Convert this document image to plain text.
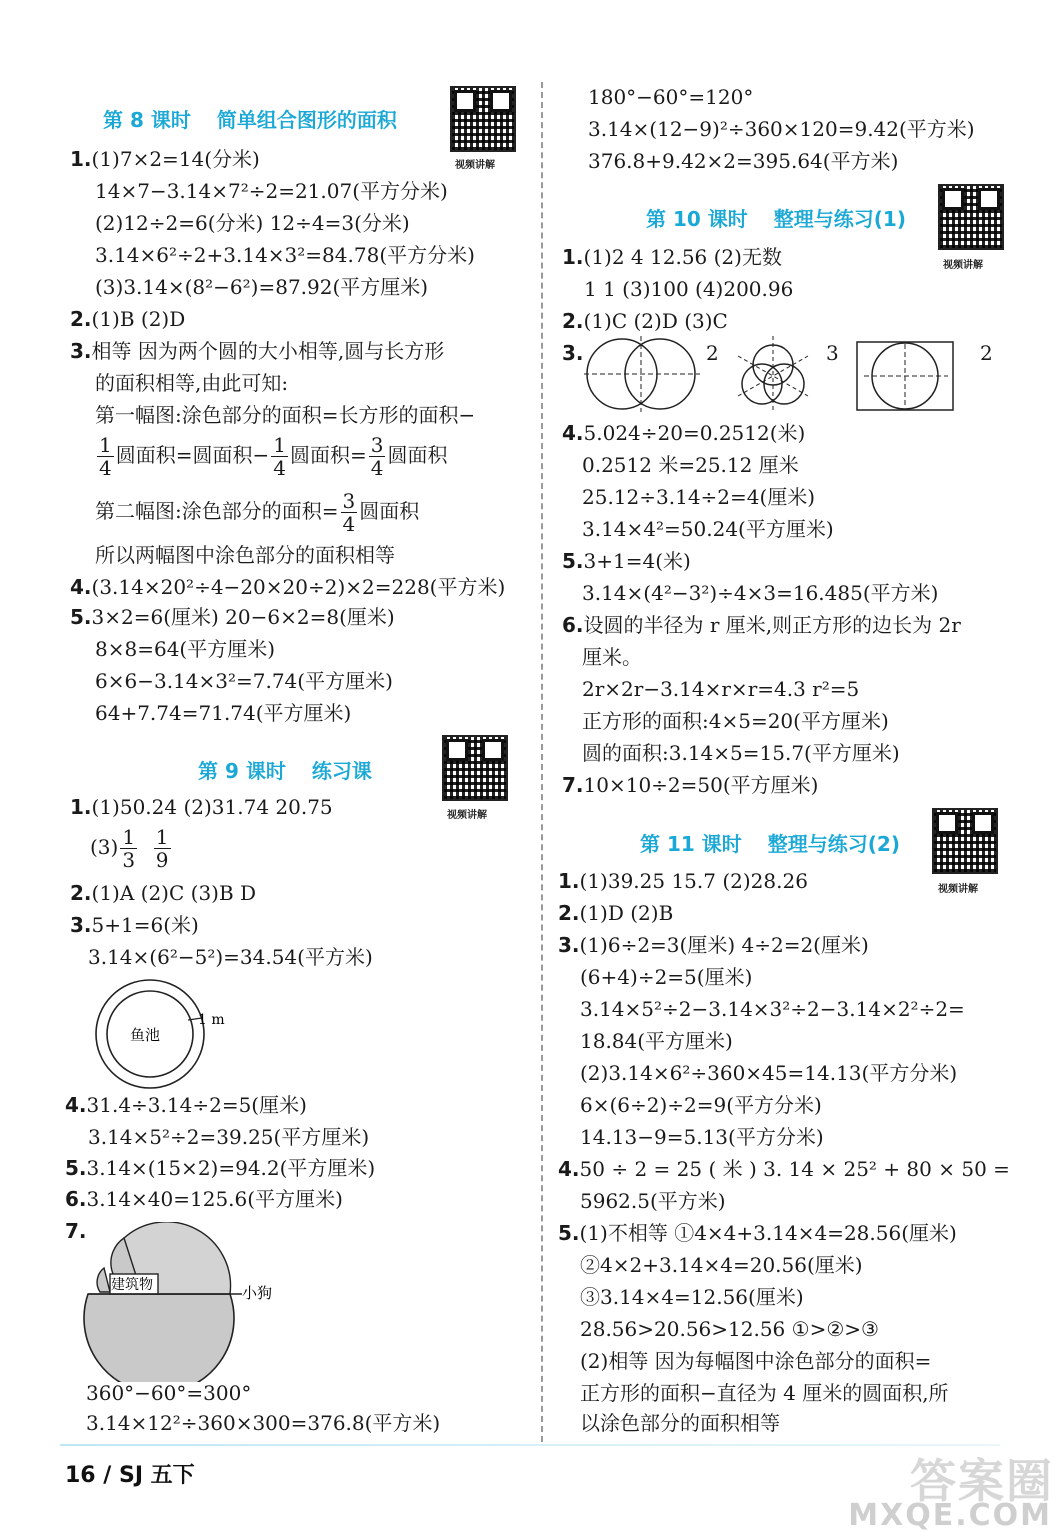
第 8 课时 简单组合图形的面积
视频讲解
1.(1)7×2=14(分米)
14×7−3.14×7²÷2=21.07(平方分米)
(2)12÷2=6(分米) 12÷4=3(分米)
3.14×6²÷2+3.14×3²=84.78(平方分米)
(3)3.14×(8²−6²)=87.92(平方厘米)
2.(1)B (2)D
3.相等 因为两个圆的大小相等,圆与长方形
的面积相等,由此可知:
第一幅图:涂色部分的面积=长方形的面积−
$\frac{1}{4}$ 圆面积=圆面积− $\frac{1}{4}$ 圆面积= $\frac{3}{4}$ 圆面积
第二幅图:涂色部分的面积= $\frac{3}{4}$ 圆面积
所以两幅图中涂色部分的面积相等
4.(3.14×20²÷4−20×20÷2)×2=228(平方米)
5.3×2=6(厘米) 20−6×2=8(厘米)
8×8=64(平方厘米)
6×6−3.14×3²=7.74(平方厘米)
64+7.74=71.74(平方厘米)
第 9 课时 练习课
视频讲解
1.(1)50.24 (2)31.74 20.75
$(3) \frac{1}{3}$
$\frac{1}{9}$
2.(1)A (2)C (3)B D
3.5+1=6(米)
3.14×(6²−5²)=34.54(平方米)
鱼池
1 m
4.31.4÷3.14÷2=5(厘米)
3.14×5²÷2=39.25(平方厘米)
5.3.14×(15×2)=94.2(平方厘米)
6.3.14×40=125.6(平方厘米)
7.
建筑物	小狗
360°−60°=300°
3.14×12²÷360×300=376.8(平方米)
180°−60°=120°
3.14×(12−9)²÷360×120=9.42(平方米)
376.8+9.42×2=395.64(平方米)
第 10 课时 整理与练习(1)
视频讲解
1.(1)2 4 12.56 (2)无数
1 1 (3)100 (4)200.96
2.(1)C (2)D (3)C
3.	2	3	2
4.5.024÷20=0.2512(米)
0.2512 米=25.12 厘米
25.12÷3.14÷2=4(厘米)
3.14×4²=50.24(平方厘米)
5.3+1=4(米)
3.14×(4²−3²)÷4×3=16.485(平方米)
6.设圆的半径为 r 厘米,则正方形的边长为 2r
厘米。
2r×2r−3.14×r×r=4.3 r²=5
正方形的面积:4×5=20(平方厘米)
圆的面积:3.14×5=15.7(平方厘米)
7.10×10÷2=50(平方厘米)
第 11 课时 整理与练习(2)
视频讲解
1.(1)39.25 15.7 (2)28.26
2.(1)D (2)B
3.(1)6÷2=3(厘米) 4÷2=2(厘米)
(6+4)÷2=5(厘米)
3.14×5²÷2−3.14×3²÷2−3.14×2²÷2=
18.84(平方厘米)
(2)3.14×6²÷360×45=14.13(平方分米)
6×(6÷2)÷2=9(平方分米)
14.13−9=5.13(平方分米)
4.50 ÷ 2 = 25 ( 米 ) 3. 14 × 25² + 80 × 50 =
5962.5(平方米)
5.(1)不相等 ①4×4+3.14×4=28.56(厘米)
②4×2+3.14×4=20.56(厘米)
③3.14×4=12.56(厘米)
28.56>20.56>12.56 ①>②>③
(2)相等 因为每幅图中涂色部分的面积=
正方形的面积−直径为 4 厘米的圆面积,所
以涂色部分的面积相等
16 / SJ 五下	答案圈
MXQE.COM
